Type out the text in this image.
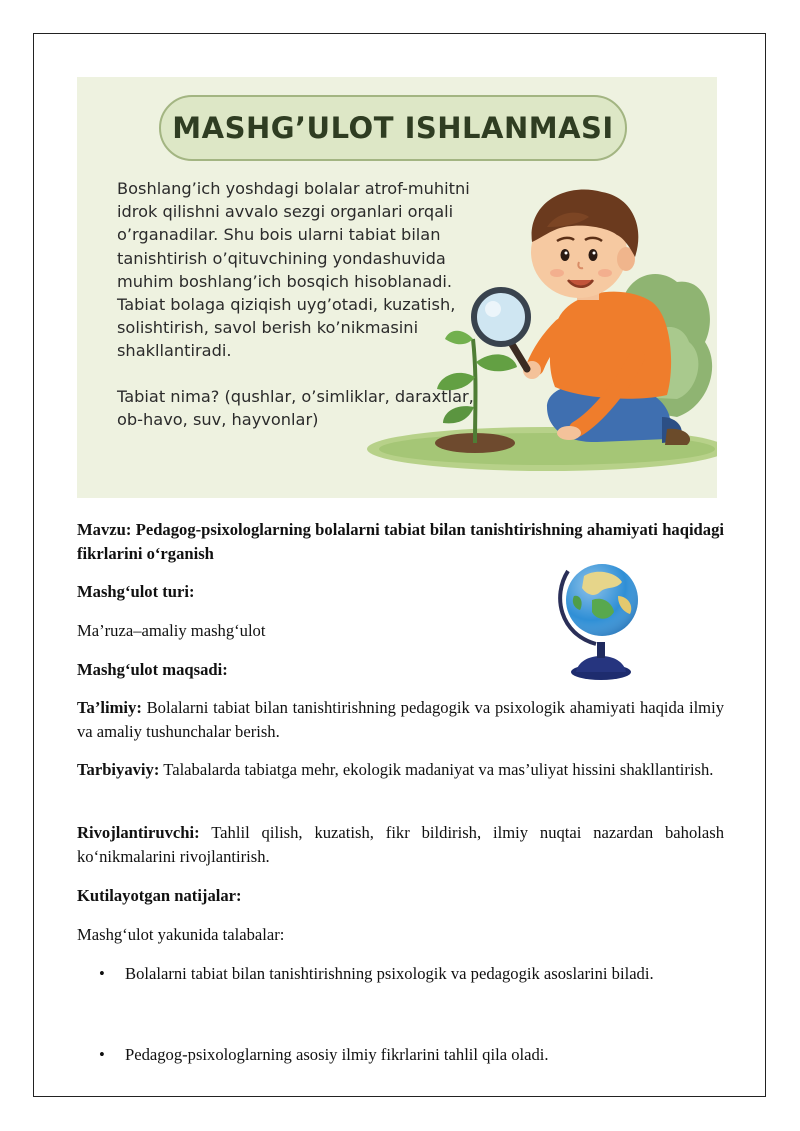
MASHG’ULOT ISHLANMASI

Boshlang’ich yoshdagi bolalar atrof-muhitni idrok qilishni avvalo sezgi organlari orqali o’rganadilar. Shu bois ularni tabiat bilan tanishtirish o’qituvchining yondashuvida muhim boshlang’ich bosqich hisoblanadi. Tabiat bolaga qiziqish uyg’otadi, kuzatish, solishtirish, savol berish ko’nikmasini shakllantiradi.

Tabiat nima? (qushlar, o’simliklar, daraxtlar, ob-havo, suv, hayvonlar)

Mavzu: Pedagog-psixologlarning bolalarni tabiat bilan tanishtirishning ahamiyati haqidagi fikrlarini o‘rganish

Mashg‘ulot turi:

Ma’ruza–amaliy mashg‘ulot

Mashg‘ulot maqsadi:

Ta’limiy: Bolalarni tabiat bilan tanishtirishning pedagogik va psixologik ahamiyati haqida ilmiy va amaliy tushunchalar berish.

Tarbiyaviy: Talabalarda tabiatga mehr, ekologik madaniyat va mas’uliyat hissini shakllantirish.

Rivojlantiruvchi: Tahlil qilish, kuzatish, fikr bildirish, ilmiy nuqtai nazardan baholash ko‘nikmalarini rivojlantirish.

Kutilayotgan natijalar:

Mashg‘ulot yakunida talabalar:

• Bolalarni tabiat bilan tanishtirishning psixologik va pedagogik asoslarini biladi.
• Pedagog-psixologlarning asosiy ilmiy fikrlarini tahlil qila oladi.
